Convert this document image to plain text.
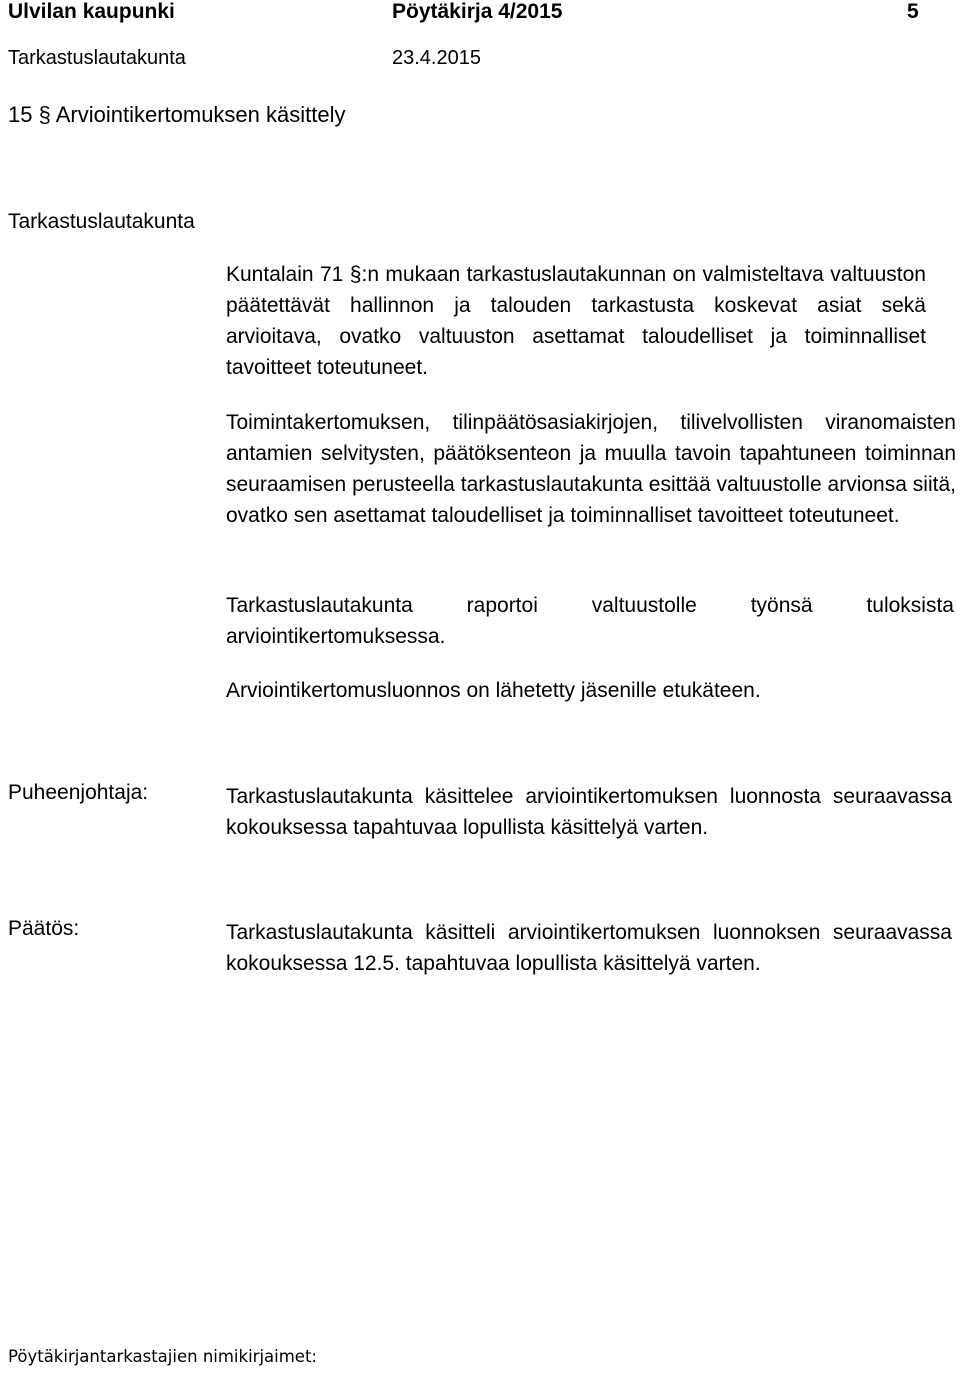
Ulvilan kaupunki	Pöytäkirja 4/2015	5
Tarkastuslautakunta	23.4.2015
15 § Arviointikertomuksen käsittely
Tarkastuslautakunta
Kuntalain 71 §:n mukaan tarkastuslautakunnan on valmisteltava valtuuston päätettävät hallinnon ja talouden tarkastusta koskevat asiat sekä arvioitava, ovatko valtuuston asettamat taloudelliset ja toiminnalliset tavoitteet toteutuneet.
Toimintakertomuksen, tilinpäätösasiakirjojen, tilivelvollisten viranomaisten antamien selvitysten, päätöksenteon ja muulla tavoin tapahtuneen toiminnan seuraamisen perusteella tarkastuslautakunta esittää valtuustolle arvionsa siitä, ovatko sen asettamat taloudelliset ja toiminnalliset tavoitteet toteutuneet.
Tarkastuslautakunta raportoi valtuustolle työnsä tuloksista arviointikertomuksessa.
Arviointikertomusluonnos on lähetetty jäsenille etukäteen.
Puheenjohtaja:	Tarkastuslautakunta käsittelee arviointikertomuksen luonnosta seuraavassa kokouksessa tapahtuvaa lopullista käsittelyä varten.
Päätös:	Tarkastuslautakunta käsitteli arviointikertomuksen luonnoksen seuraavassa kokouksessa 12.5. tapahtuvaa lopullista käsittelyä varten.
Pöytäkirjantarkastajien nimikirjaimet:
